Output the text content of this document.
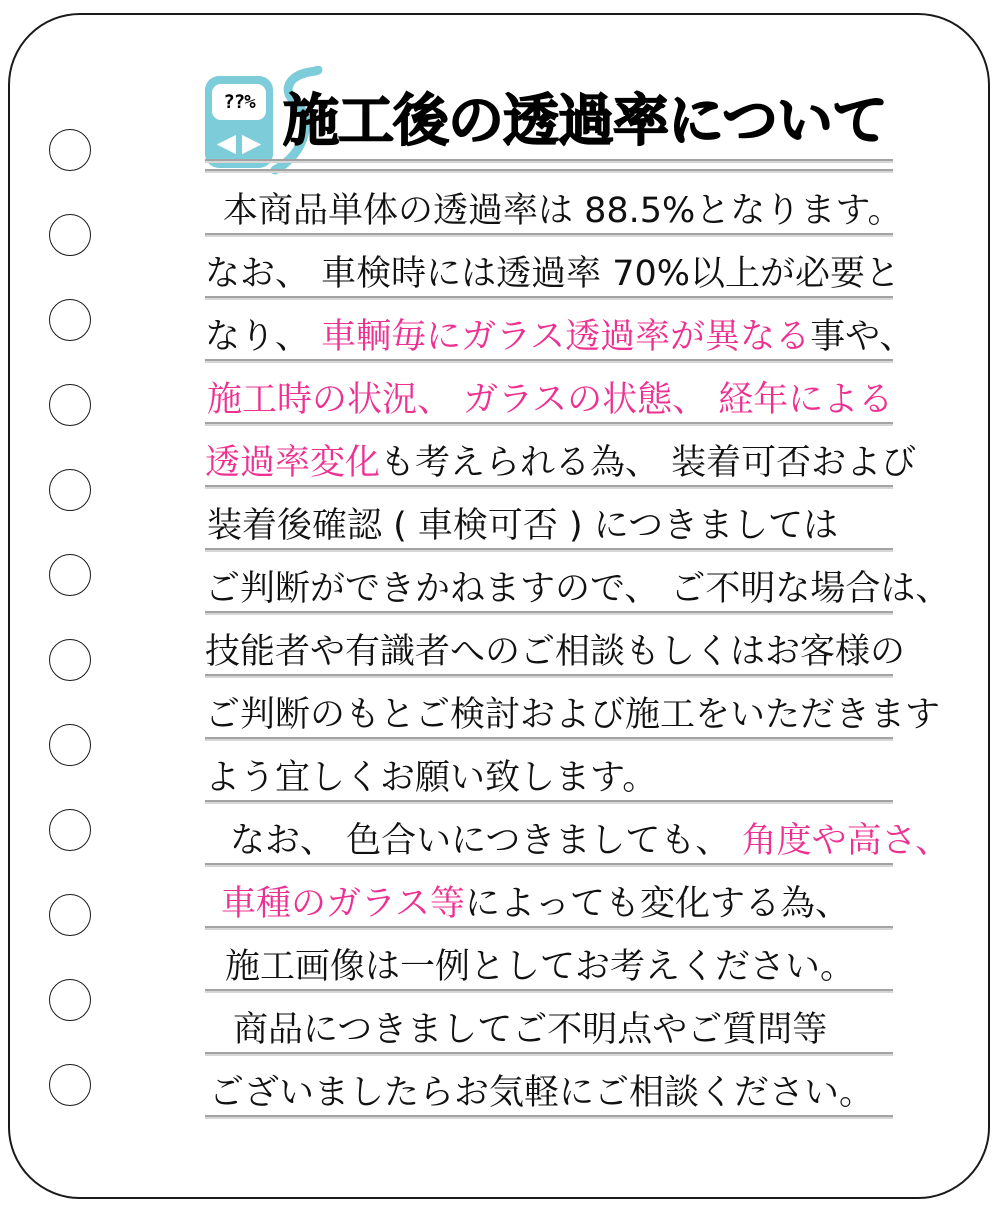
??%
◀ ▶ 施工後の透過率について
本商品単体の透過率は 88.5%となります。
なお、 車検時には透過率 70%以上が必要と
なり、 車輌毎にガラス透過率が異なる事や、
施工時の状況、 ガラスの状態、 経年による
透過率変化も考えられる為、 装着可否および
装着後確認 ( 車検可否 ) につきましては
ご判断ができかねますので、 ご不明な場合は、
技能者や有識者へのご相談もしくはお客様の
ご判断のもとご検討および施工をいただきます
よう宜しくお願い致します。
なお、 色合いにつきましても、 角度や高さ、
車種のガラス等によっても変化する為、
施工画像は一例としてお考えください。
商品につきましてご不明点やご質問等
ございましたらお気軽にご相談ください。
